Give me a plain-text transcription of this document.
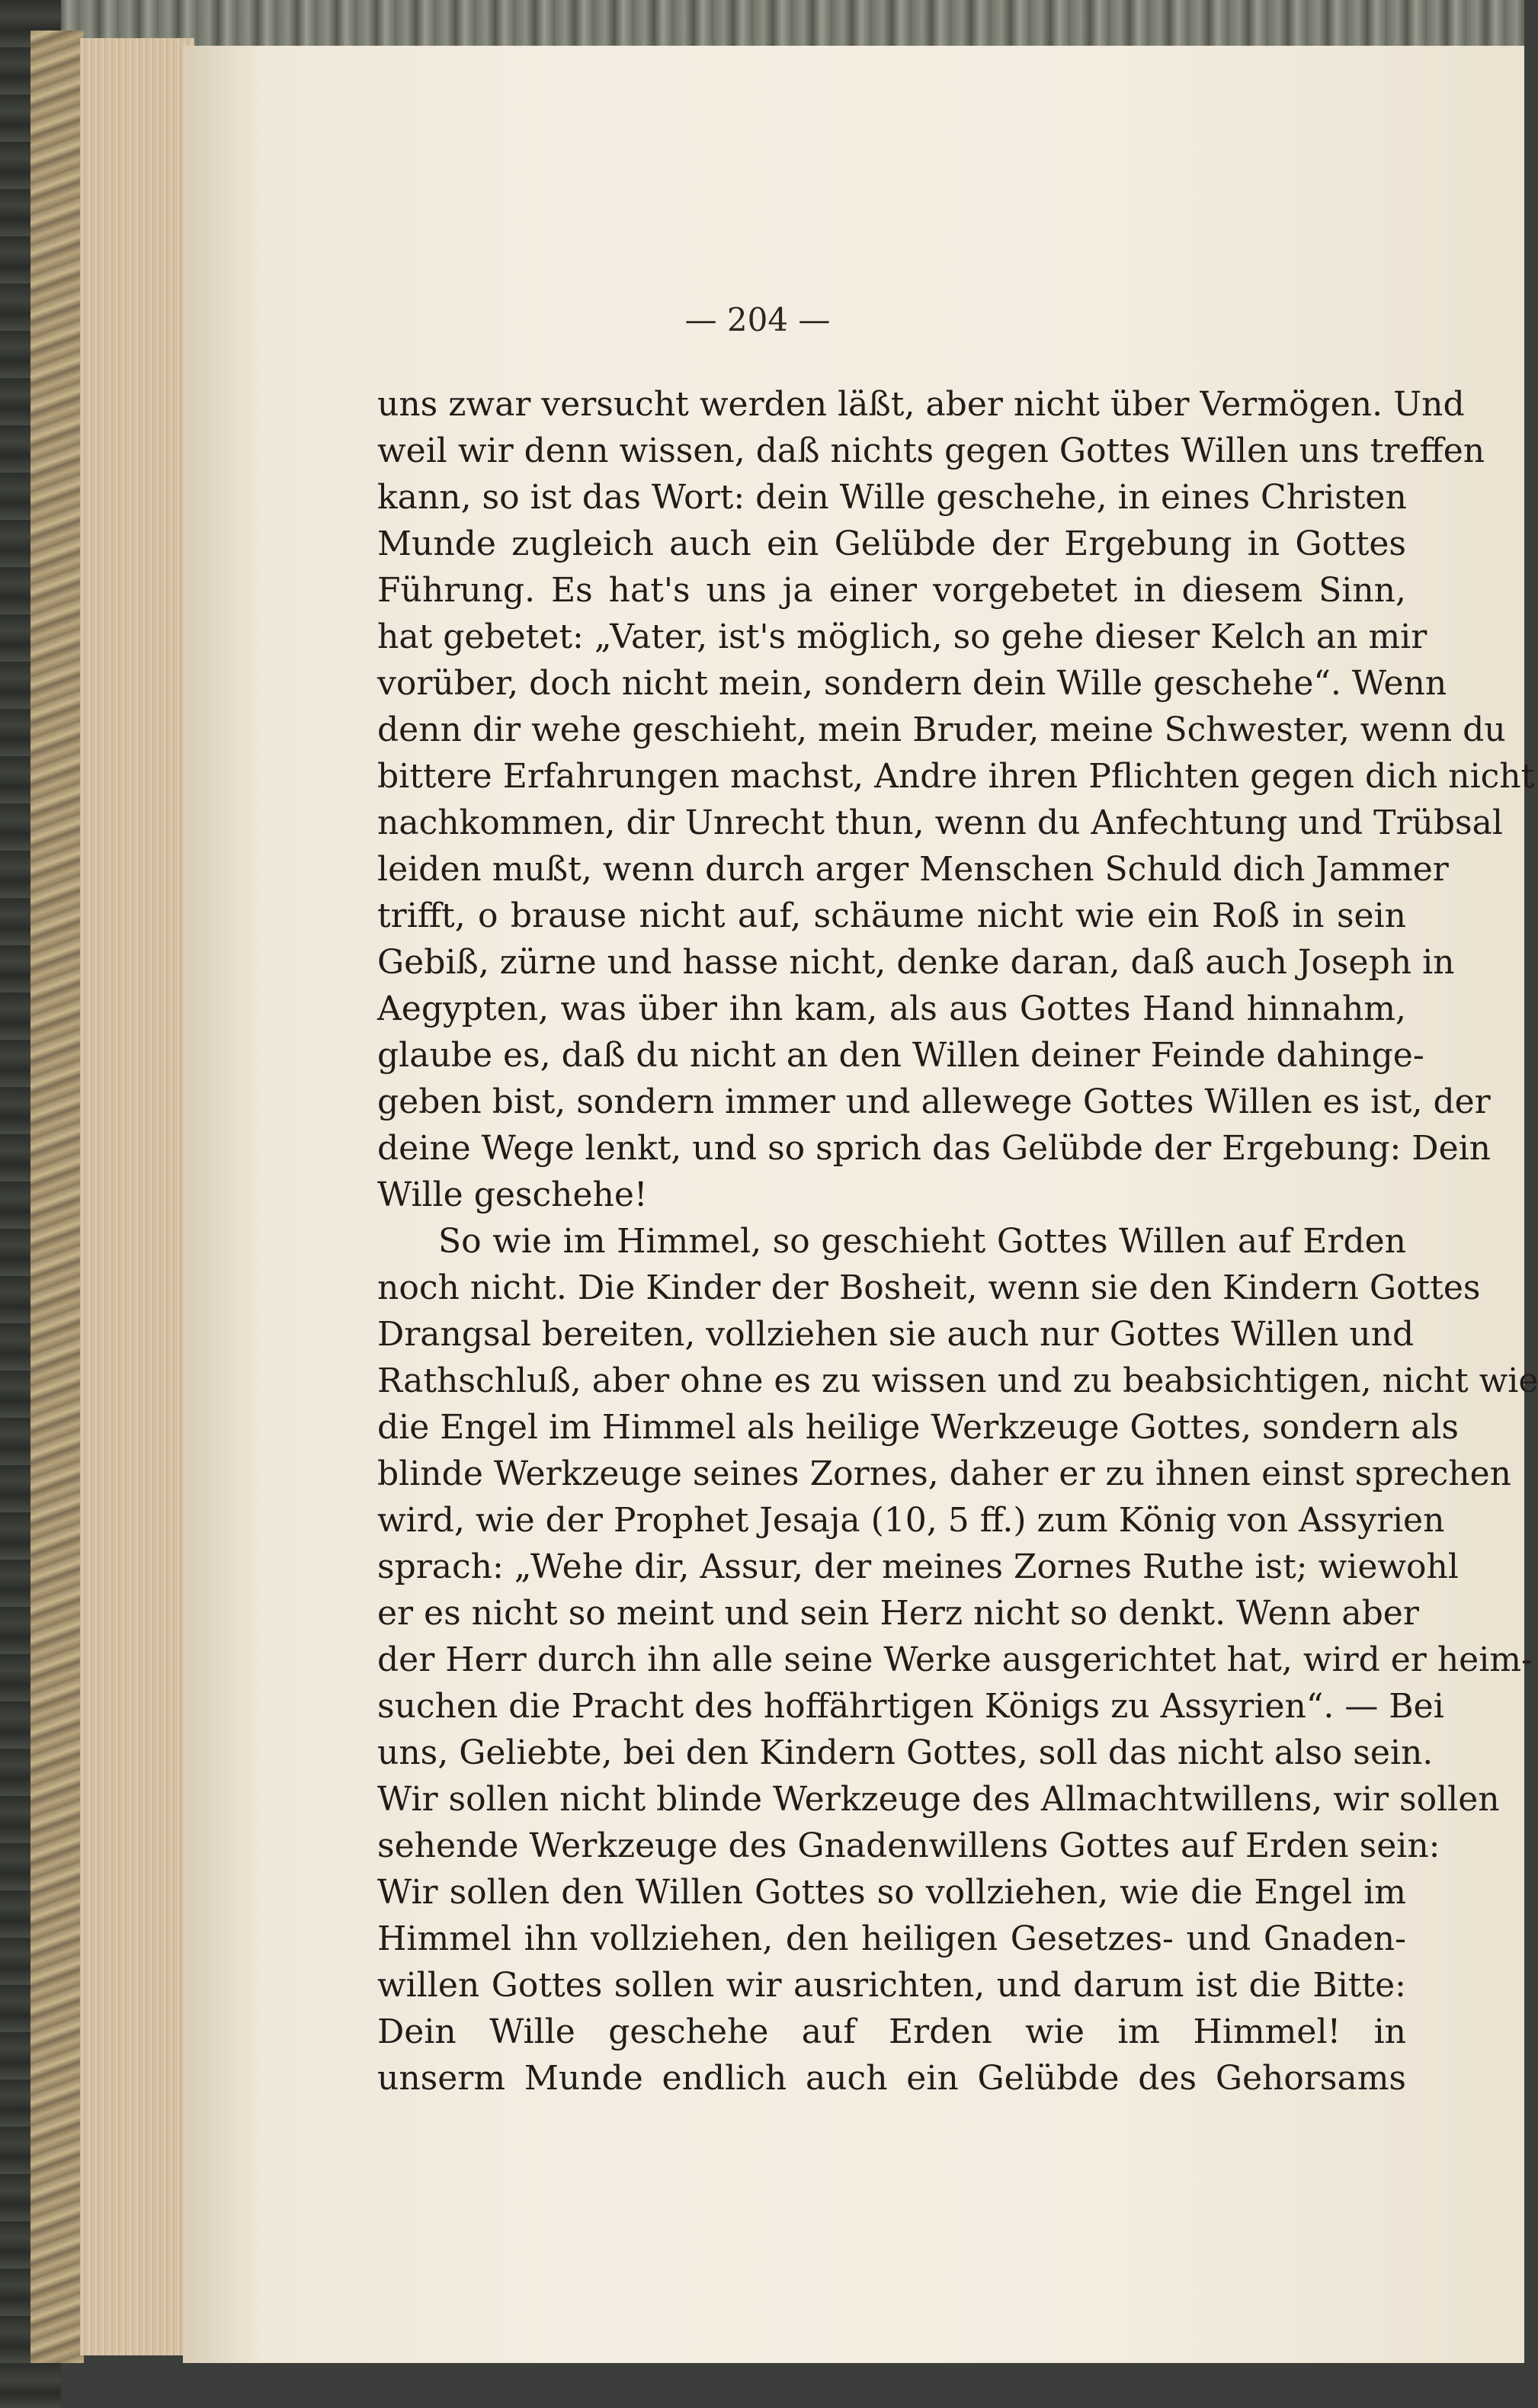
— 204 —
uns zwar versucht werden läßt, aber nicht über Vermögen. Und
weil wir denn wissen, daß nichts gegen Gottes Willen uns treffen
kann, so ist das Wort: dein Wille geschehe, in eines Christen
Munde zugleich auch ein Gelübde der Ergebung in Gottes
Führung. Es hat's uns ja einer vorgebetet in diesem Sinn,
hat gebetet: „Vater, ist's möglich, so gehe dieser Kelch an mir
vorüber, doch nicht mein, sondern dein Wille geschehe“. Wenn
denn dir wehe geschieht, mein Bruder, meine Schwester, wenn du
bittere Erfahrungen machst, Andre ihren Pflichten gegen dich nicht
nachkommen, dir Unrecht thun, wenn du Anfechtung und Trübsal
leiden mußt, wenn durch arger Menschen Schuld dich Jammer
trifft, o brause nicht auf, schäume nicht wie ein Roß in sein
Gebiß, zürne und hasse nicht, denke daran, daß auch Joseph in
Aegypten, was über ihn kam, als aus Gottes Hand hinnahm,
glaube es, daß du nicht an den Willen deiner Feinde dahinge-
geben bist, sondern immer und allewege Gottes Willen es ist, der
deine Wege lenkt, und so sprich das Gelübde der Ergebung: Dein
Wille geschehe!
So wie im Himmel, so geschieht Gottes Willen auf Erden
noch nicht. Die Kinder der Bosheit, wenn sie den Kindern Gottes
Drangsal bereiten, vollziehen sie auch nur Gottes Willen und
Rathschluß, aber ohne es zu wissen und zu beabsichtigen, nicht wie
die Engel im Himmel als heilige Werkzeuge Gottes, sondern als
blinde Werkzeuge seines Zornes, daher er zu ihnen einst sprechen
wird, wie der Prophet Jesaja (10, 5 ff.) zum König von Assyrien
sprach: „Wehe dir, Assur, der meines Zornes Ruthe ist; wiewohl
er es nicht so meint und sein Herz nicht so denkt. Wenn aber
der Herr durch ihn alle seine Werke ausgerichtet hat, wird er heim-
suchen die Pracht des hoffährtigen Königs zu Assyrien“. — Bei
uns, Geliebte, bei den Kindern Gottes, soll das nicht also sein.
Wir sollen nicht blinde Werkzeuge des Allmachtwillens, wir sollen
sehende Werkzeuge des Gnadenwillens Gottes auf Erden sein:
Wir sollen den Willen Gottes so vollziehen, wie die Engel im
Himmel ihn vollziehen, den heiligen Gesetzes- und Gnaden-
willen Gottes sollen wir ausrichten, und darum ist die Bitte:
Dein Wille geschehe auf Erden wie im Himmel! in
unserm Munde endlich auch ein Gelübde des Gehorsams
